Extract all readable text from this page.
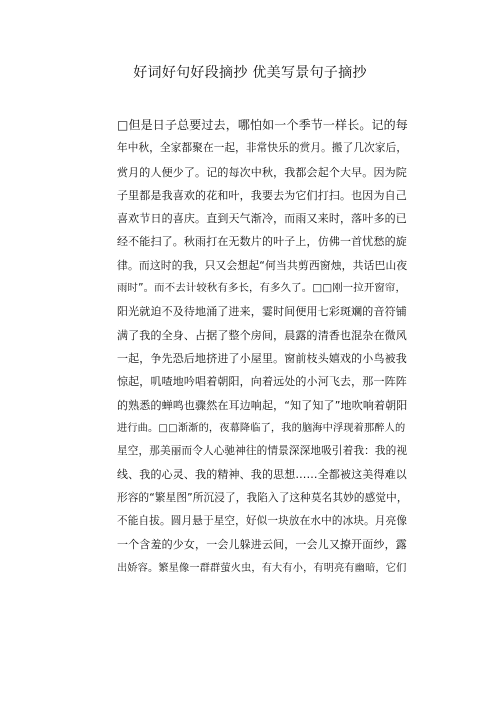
好词好句好段摘抄 优美写景句子摘抄
□但是日子总要过去，哪怕如一个季节一样长。记的每
年中秋，全家都聚在一起，非常快乐的赏月。搬了几次家后，
赏月的人便少了。记的每次中秋，我都会起个大早。因为院
子里都是我喜欢的花和叶，我要去为它们打扫。也因为自己
喜欢节日的喜庆。直到天气渐冷，而雨又来时，落叶多的已
经不能扫了。秋雨打在无数片的叶子上，仿佛一首忧愁的旋
律。而这时的我，只又会想起“何当共剪西窗烛，共话巴山夜
雨时”。而不去计较秋有多长，有多久了。□□刚一拉开窗帘，
阳光就迫不及待地涌了进来，霎时间便用七彩斑斓的音符铺
满了我的全身、占据了整个房间，晨露的清香也混杂在微风
一起，争先恐后地挤进了小屋里。窗前枝头嬉戏的小鸟被我
惊起，叽喳地吟唱着朝阳，向着远处的小河飞去，那一阵阵
的熟悉的蝉鸣也骤然在耳边响起，“知了知了”地吹响着朝阳
进行曲。□□渐渐的，夜幕降临了，我的脑海中浮现着那醉人的
星空，那美丽而令人心驰神往的情景深深地吸引着我：我的视
线、我的心灵、我的精神、我的思想……全都被这美得难以
形容的“繁星图”所沉浸了，我陷入了这种莫名其妙的感觉中，
不能自拔。圆月悬于星空，好似一块放在水中的冰块。月亮像
一个含羞的少女，一会儿躲进云间，一会儿又撩开面纱，露
出娇容。繁星像一群群萤火虫，有大有小，有明亮有幽暗，它们
